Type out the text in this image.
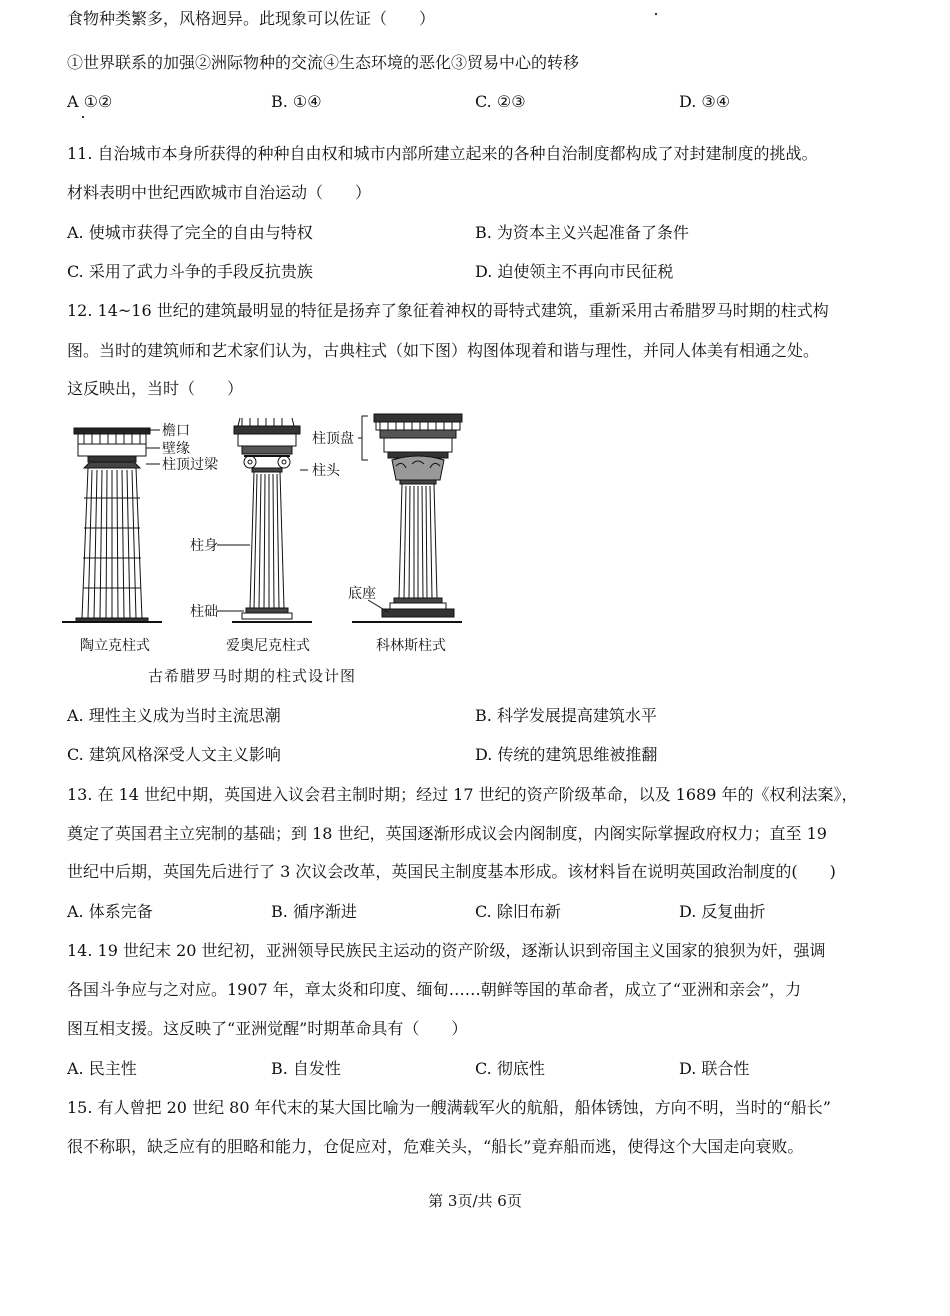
食物种类繁多，风格迥异。此现象可以佐证（　　）
①世界联系的加强②洲际物种的交流④生态环境的恶化③贸易中心的转移
A ①②	B. ①④	C. ②③	D. ③④
11. 自治城市本身所获得的种种自由权和城市内部所建立起来的各种自治制度都构成了对封建制度的挑战。
材料表明中世纪西欧城市自治运动（　　）
A. 使城市获得了完全的自由与特权	B. 为资本主义兴起准备了条件
C. 采用了武力斗争的手段反抗贵族	D. 迫使领主不再向市民征税
12. 14~16 世纪的建筑最明显的特征是扬弃了象征着神权的哥特式建筑，重新采用古希腊罗马时期的柱式构
图。当时的建筑师和艺术家们认为，古典柱式（如下图）构图体现着和谐与理性，并同人体美有相通之处。
这反映出，当时（　　）
檐口
壁缘
柱顶过梁
柱身
柱础
柱头
柱顶盘
底座
陶立克柱式	爱奥尼克柱式	科林斯柱式
古希腊罗马时期的柱式设计图
A. 理性主义成为当时主流思潮	B. 科学发展提高建筑水平
C. 建筑风格深受人文主义影响	D. 传统的建筑思维被推翻
13. 在 14 世纪中期，英国进入议会君主制时期；经过 17 世纪的资产阶级革命，以及 1689 年的《权利法案》，
奠定了英国君主立宪制的基础；到 18 世纪，英国逐渐形成议会内阁制度，内阁实际掌握政府权力；直至 19
世纪中后期，英国先后进行了 3 次议会改革，英国民主制度基本形成。该材料旨在说明英国政治制度的(　　)
A. 体系完备	B. 循序渐进	C. 除旧布新	D. 反复曲折
14. 19 世纪末 20 世纪初，亚洲领导民族民主运动的资产阶级，逐渐认识到帝国主义国家的狼狈为奸，强调
各国斗争应与之对应。1907 年，章太炎和印度、缅甸……朝鲜等国的革命者，成立了“亚洲和亲会”，力
图互相支援。这反映了“亚洲觉醒”时期革命具有（　　）
A. 民主性	B. 自发性	C. 彻底性	D. 联合性
15. 有人曾把 20 世纪 80 年代末的某大国比喻为一艘满载军火的航船，船体锈蚀，方向不明，当时的“船长”
很不称职，缺乏应有的胆略和能力，仓促应对，危难关头，“船长”竟弃船而逃，使得这个大国走向衰败。
第 3页/共 6页
